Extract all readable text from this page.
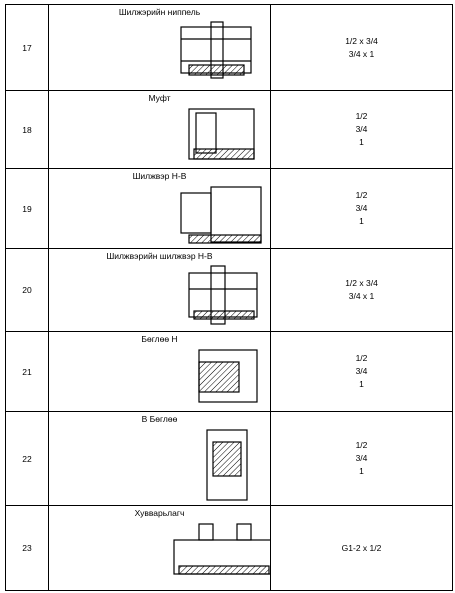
17	Шилжэрийн ниппель	1/2 x 3/4
3/4 x 1

18	Муфт	1/2
3/4
1

19	Шилжвэр Н-В	1/2
3/4
1

20	Шилжвэрийн шилжвэр Н-В	1/2 x 3/4
3/4 x 1

21	Бөглөө Н	1/2
3/4
1

22	В Бөглөө	1/2
3/4
1

23	Хувварьлагч	G1-2 x 1/2
